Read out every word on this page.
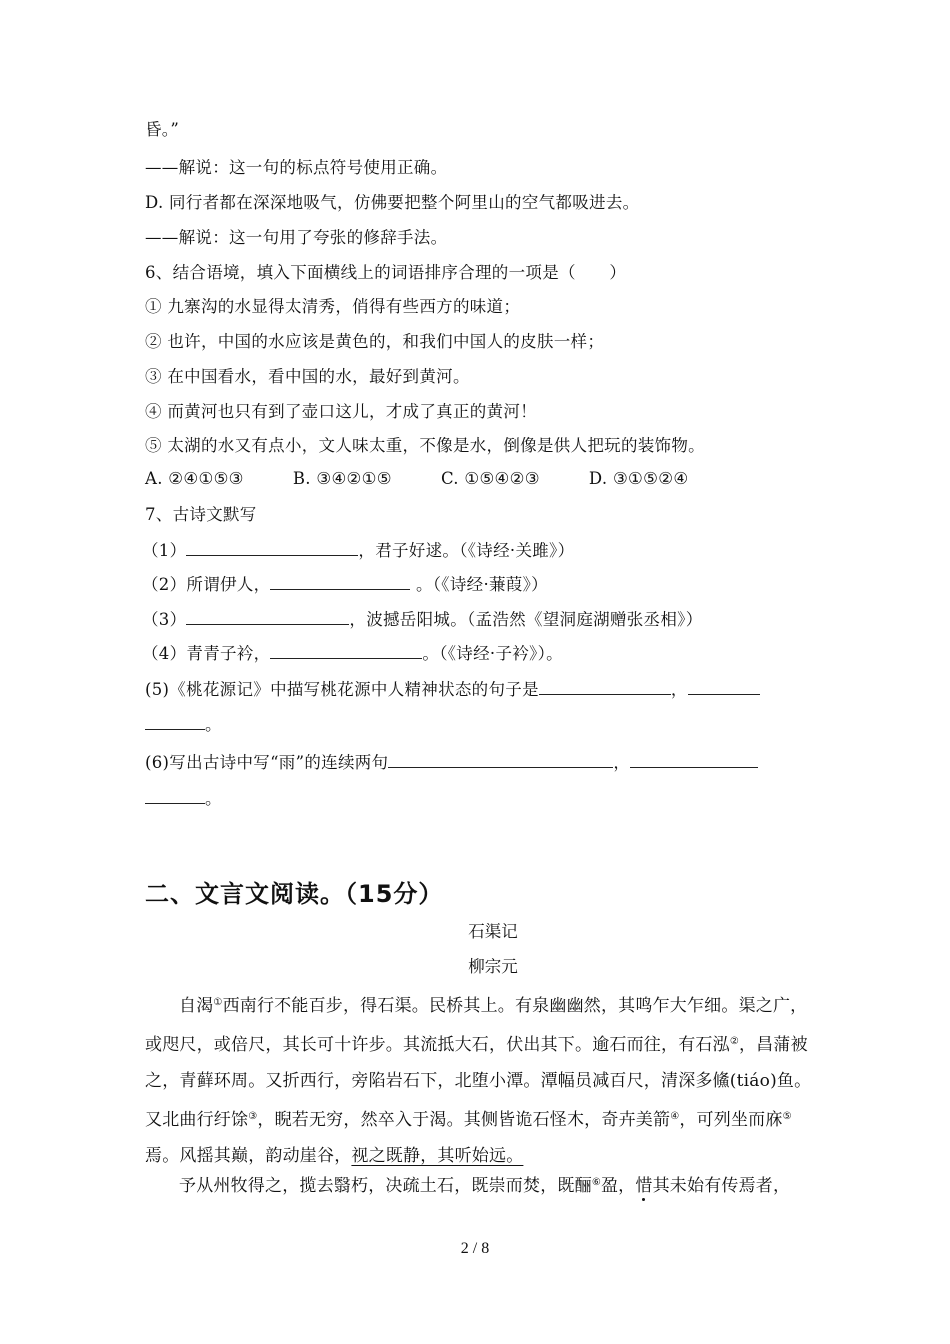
昏。”
——解说：这一句的标点符号使用正确。
D. 同行者都在深深地吸气，仿佛要把整个阿里山的空气都吸进去。
——解说：这一句用了夸张的修辞手法。
6、结合语境，填入下面横线上的词语排序合理的一项是（　　）
① 九寨沟的水显得太清秀，俏得有些西方的味道；
② 也许，中国的水应该是黄色的，和我们中国人的皮肤一样；
③ 在中国看水，看中国的水，最好到黄河。
④ 而黄河也只有到了壶口这儿，才成了真正的黄河！
⑤ 太湖的水又有点小，文人味太重，不像是水，倒像是供人把玩的装饰物。
A. ②④①⑤③	B. ③④②①⑤	C. ①⑤④②③	D. ③①⑤②④
7、古诗文默写
（1）	，君子好逑。（《诗经·关雎》）
（2）所谓伊人，	。（《诗经·蒹葭》）
（3）	，波撼岳阳城。（孟浩然《望洞庭湖赠张丞相》）
（4）青青子衿，	。（《诗经·子衿》）。
(5)《桃花源记》中描写桃花源中人精神状态的句子是	，
。
(6)写出古诗中写“雨”的连续两句	，
。
二、文言文阅读。（15分）
石渠记
柳宗元
自渴①西南行不能百步，得石渠。民桥其上。有泉幽幽然，其鸣乍大乍细。渠之广，或咫尺，或倍尺，其长可十许步。其流抵大石，伏出其下。逾石而往，有石泓②，昌蒲被之，青藓环周。又折西行，旁陷岩石下，北堕小潭。潭幅员减百尺，清深多鯈(tiáo)鱼。又北曲行纡馀③，睨若无穷，然卒入于渴。其侧皆诡石怪木，奇卉美箭④，可列坐而庥⑤焉。风摇其巅，韵动崖谷，视之既静，其听始远。
予从州牧得之，揽去翳朽，决疏土石，既崇而焚，既酾⑥盈，惜其未始有传焉者，
2 / 8
